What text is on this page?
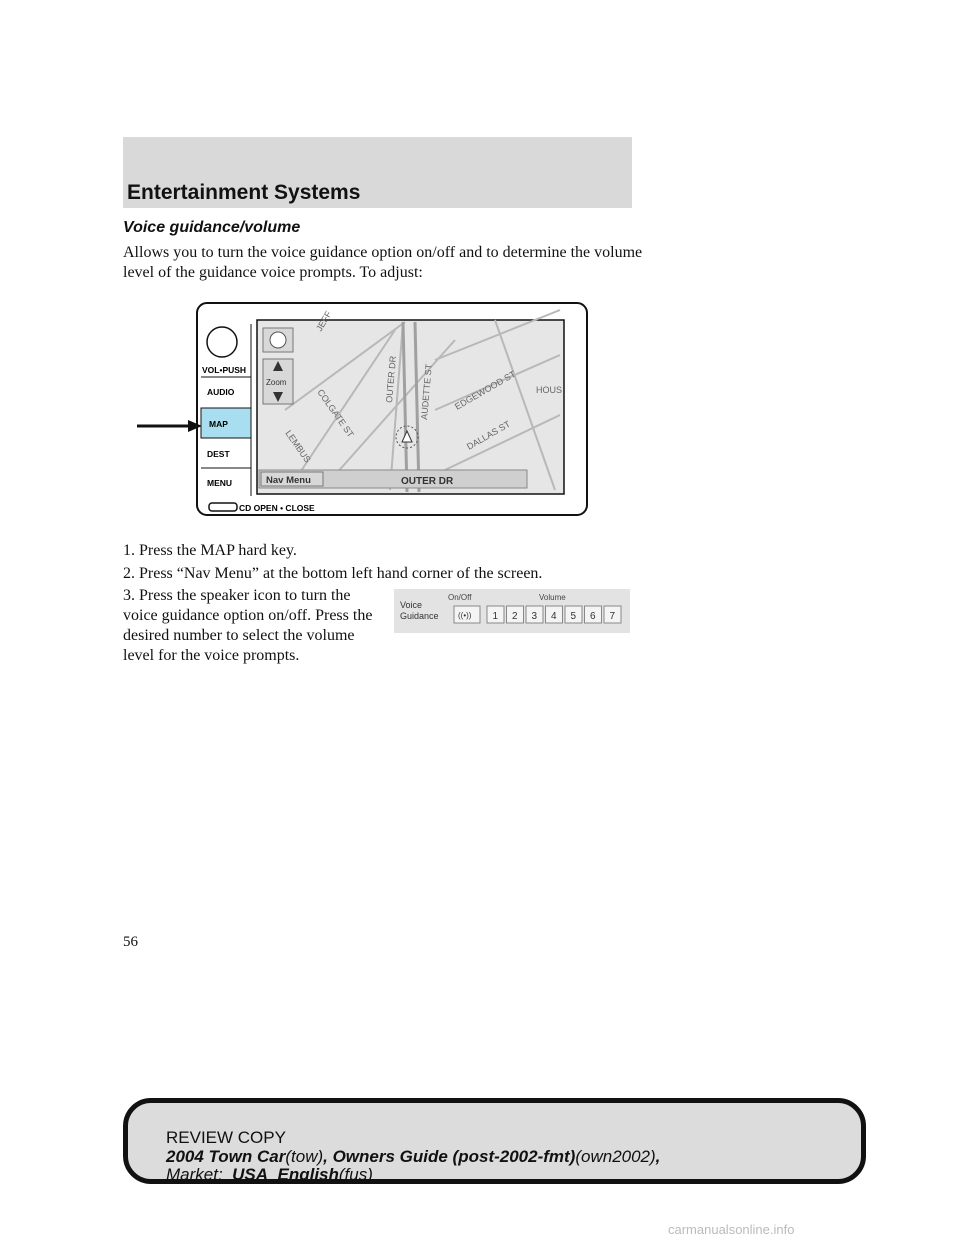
Entertainment Systems
Voice guidance/volume
Allows you to turn the voice guidance option on/off and to determine the volume level of the guidance voice prompts. To adjust:
VOL•PUSH
AUDIO
MAP
DEST
MENU
CD OPEN • CLOSE
JEFF
OUTER DR AUDETTE ST EDGEWOOD ST HOUS
COLGATE ST
LEMBUS	DALLAS ST
Zoom
Nav Menu	OUTER DR
1. Press the MAP hard key.
2. Press “Nav Menu” at the bottom left hand corner of the screen.
3. Press the speaker icon to turn the voice guidance option on/off. Press the desired number to select the volume level for the voice prompts.
Voice
Guidance
On/Off	Volume
((•)) 1 2 3 4 5 6 7
56
REVIEW COPY
2004 Town Car(tow), Owners Guide (post-2002-fmt)(own2002),
Market: USA_English(fus)
carmanualsonline.info
